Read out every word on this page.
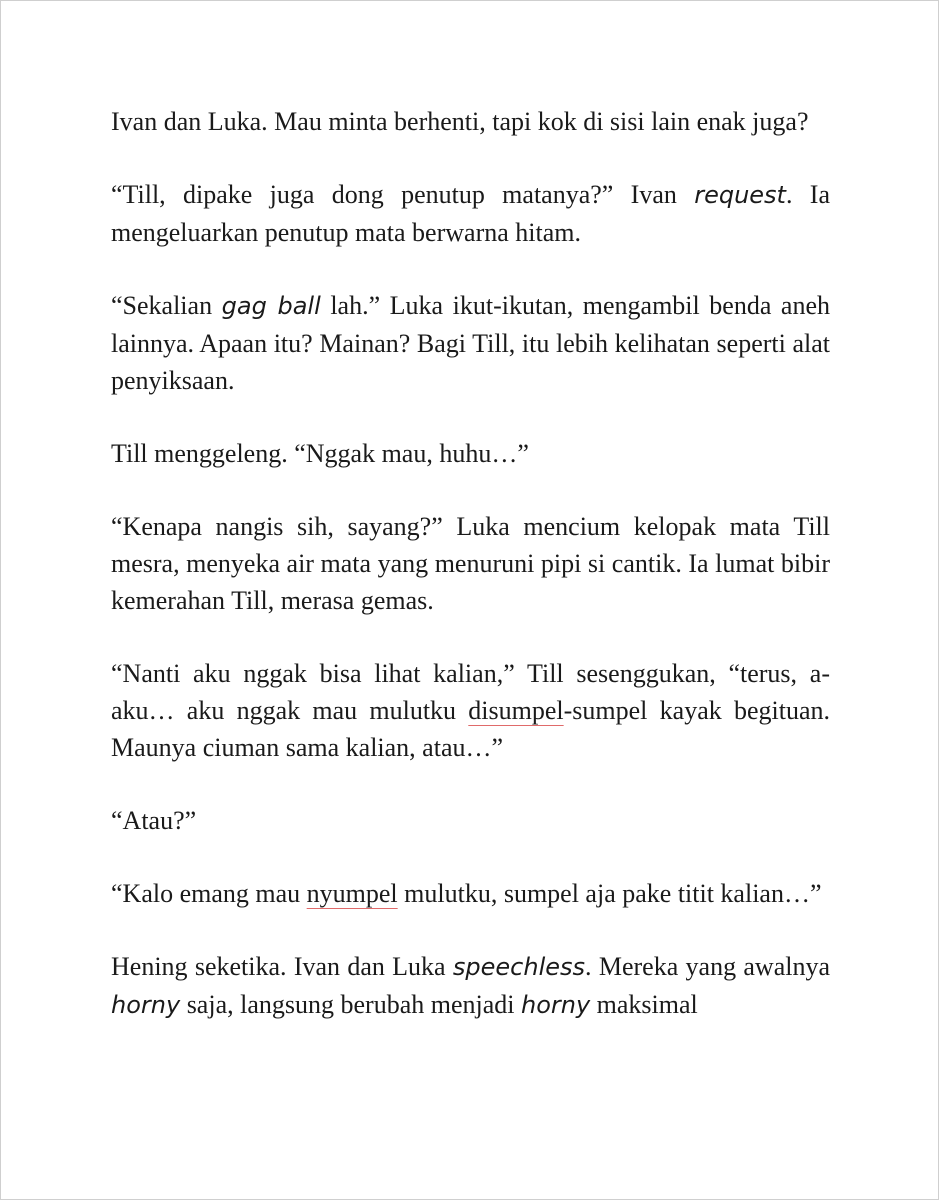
Ivan dan Luka. Mau minta berhenti, tapi kok di sisi lain enak juga?

“Till, dipake juga dong penutup matanya?” Ivan request. Ia mengeluarkan penutup mata berwarna hitam.

“Sekalian gag ball lah.” Luka ikut-ikutan, mengambil benda aneh lainnya. Apaan itu? Mainan? Bagi Till, itu lebih kelihatan seperti alat penyiksaan.

Till menggeleng. “Nggak mau, huhu…”

“Kenapa nangis sih, sayang?” Luka mencium kelopak mata Till mesra, menyeka air mata yang menuruni pipi si cantik. Ia lumat bibir kemerahan Till, merasa gemas.

“Nanti aku nggak bisa lihat kalian,” Till sesenggukan, “terus, a-aku… aku nggak mau mulutku disumpel-sumpel kayak begituan. Maunya ciuman sama kalian, atau…”

“Atau?”

“Kalo emang mau nyumpel mulutku, sumpel aja pake titit kalian…”

Hening seketika. Ivan dan Luka speechless. Mereka yang awalnya horny saja, langsung berubah menjadi horny maksimal
